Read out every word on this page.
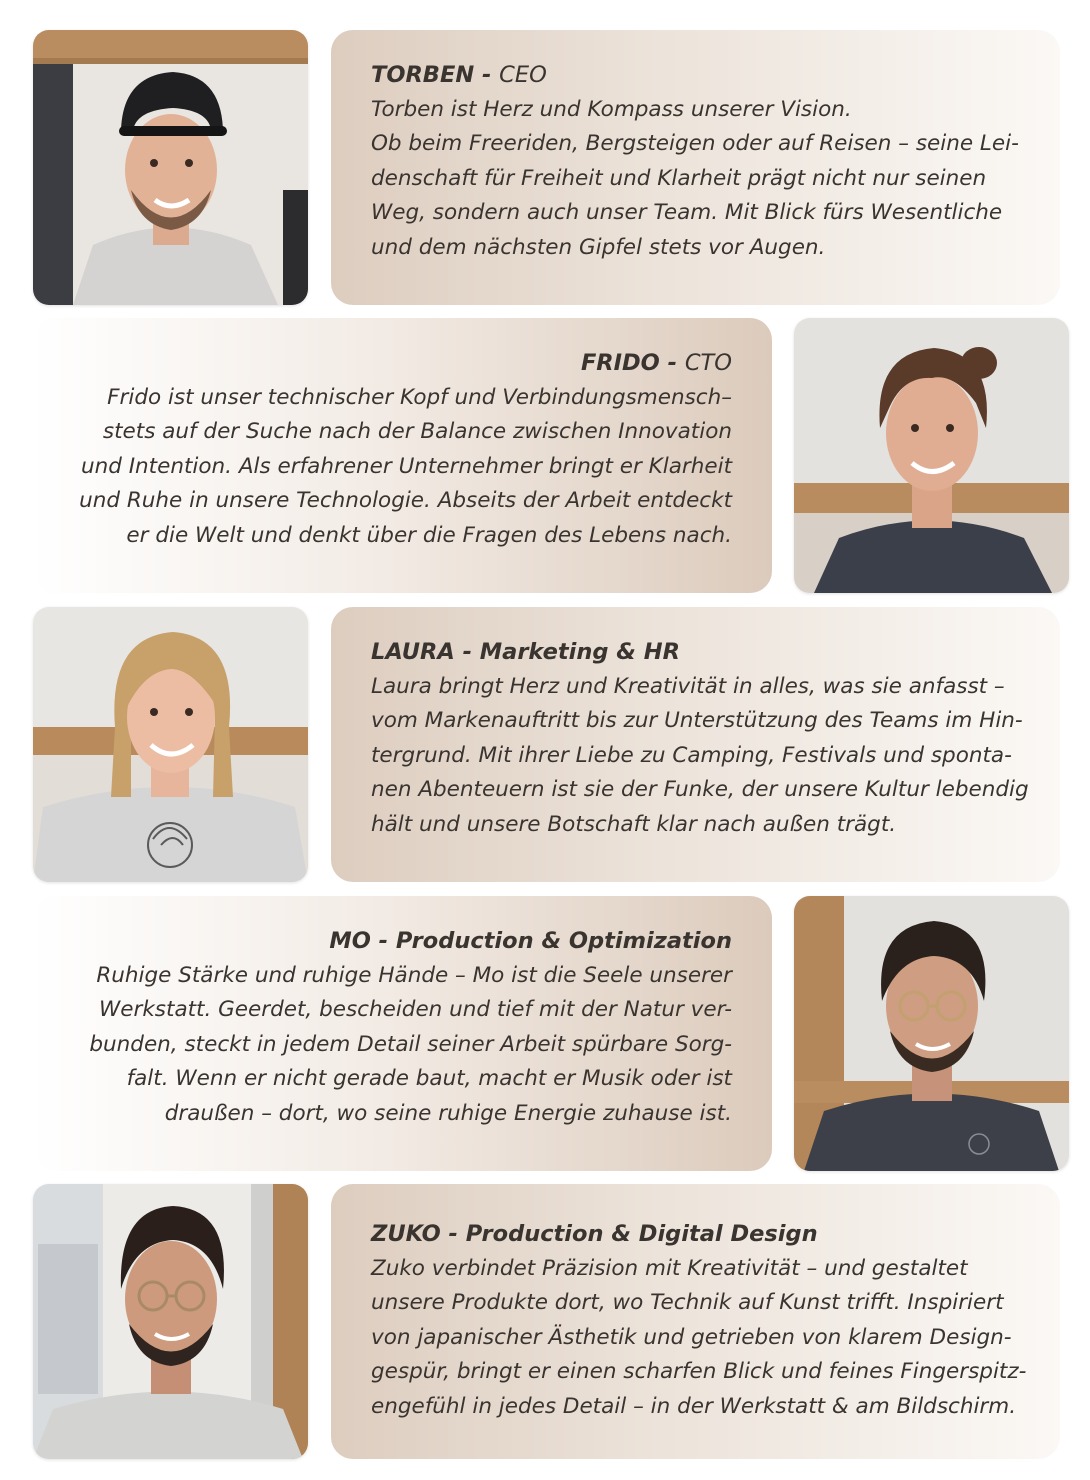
TORBEN - CEO

Torben ist Herz und Kompass unserer Vision.
Ob beim Freeriden, Bergsteigen oder auf Reisen – seine Lei-
denschaft für Freiheit und Klarheit prägt nicht nur seinen
Weg, sondern auch unser Team. Mit Blick fürs Wesentliche
und dem nächsten Gipfel stets vor Augen.

FRIDO - CTO

Frido ist unser technischer Kopf und Verbindungsmensch–
stets auf der Suche nach der Balance zwischen Innovation
und Intention. Als erfahrener Unternehmer bringt er Klarheit
und Ruhe in unsere Technologie. Abseits der Arbeit entdeckt
er die Welt und denkt über die Fragen des Lebens nach.

LAURA - Marketing & HR

Laura bringt Herz und Kreativität in alles, was sie anfasst –
vom Markenauftritt bis zur Unterstützung des Teams im Hin-
tergrund. Mit ihrer Liebe zu Camping, Festivals und sponta-
nen Abenteuern ist sie der Funke, der unsere Kultur lebendig
hält und unsere Botschaft klar nach außen trägt.

MO - Production & Optimization

Ruhige Stärke und ruhige Hände – Mo ist die Seele unserer
Werkstatt. Geerdet, bescheiden und tief mit der Natur ver-
bunden, steckt in jedem Detail seiner Arbeit spürbare Sorg-
falt. Wenn er nicht gerade baut, macht er Musik oder ist
draußen – dort, wo seine ruhige Energie zuhause ist.

ZUKO - Production & Digital Design

Zuko verbindet Präzision mit Kreativität – und gestaltet
unsere Produkte dort, wo Technik auf Kunst trifft. Inspiriert
von japanischer Ästhetik und getrieben von klarem Design-
gespür, bringt er einen scharfen Blick und feines Fingerspitz-
engefühl in jedes Detail – in der Werkstatt & am Bildschirm.
